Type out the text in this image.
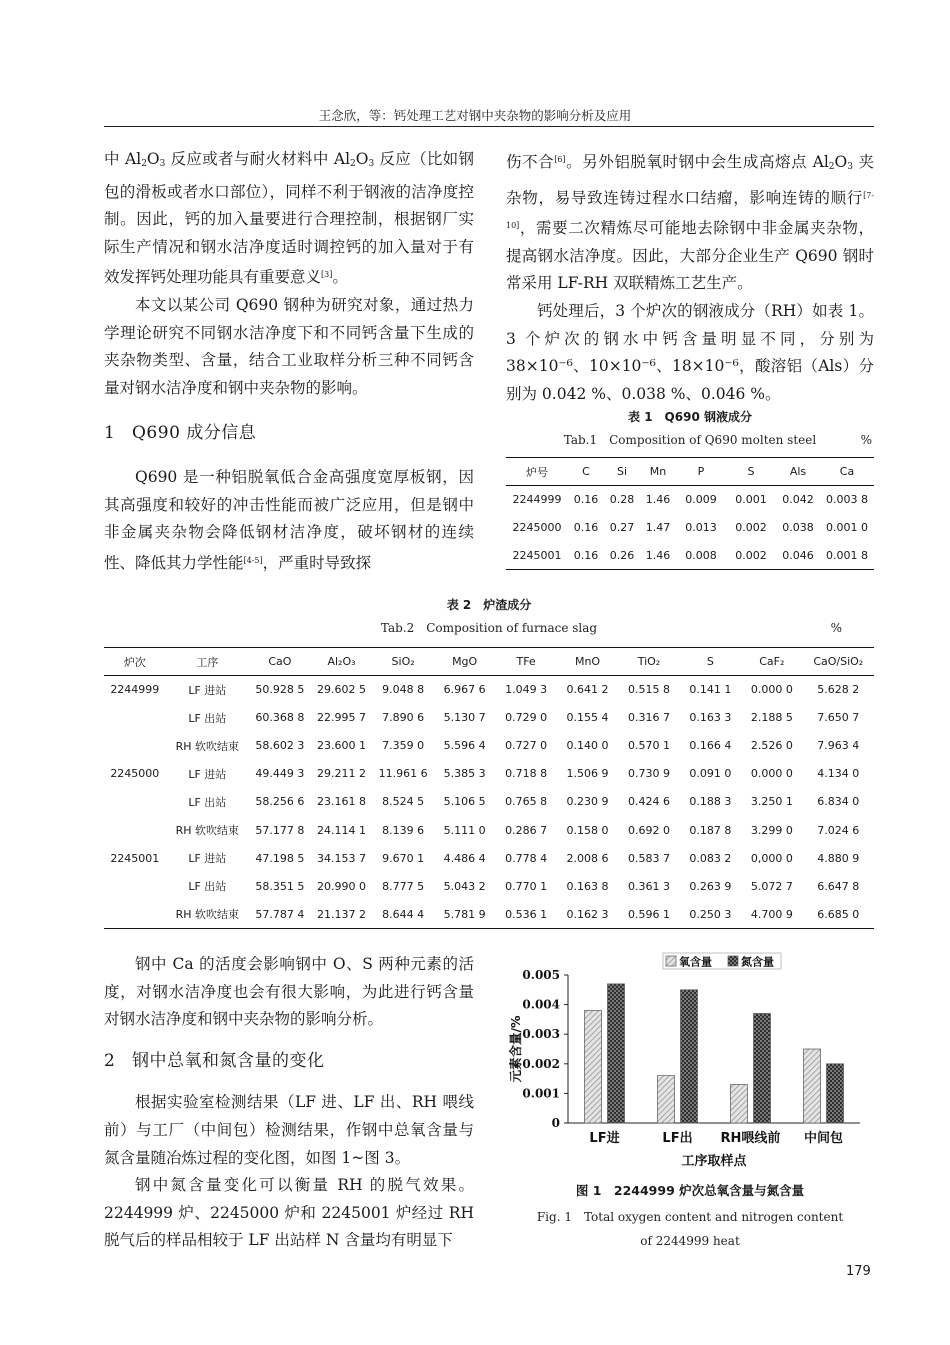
王念欣，等：钙处理工艺对钢中夹杂物的影响分析及应用

中 $Al_2O_3$ 反应或者与耐火材料中 $Al_2O_3$ 反应（比如钢包的滑板或者水口部位），同样不利于钢液的洁净度控制。因此，钙的加入量要进行合理控制，根据钢厂实际生产情况和钢水洁净度适时调控钙的加入量对于有效发挥钙处理功能具有重要意义[3]。

本文以某公司 Q690 钢种为研究对象，通过热力学理论研究不同钢水洁净度下和不同钙含量下生成的夹杂物类型、含量，结合工业取样分析三种不同钙含量对钢水洁净度和钢中夹杂物的影响。

1 Q690 成分信息

Q690 是一种铝脱氧低合金高强度宽厚板钢，因其高强度和较好的冲击性能而被广泛应用，但是钢中非金属夹杂物会降低钢材洁净度，破坏钢材的连续性、降低其力学性能[4-5]，严重时导致探

伤不合[6]。另外铝脱氧时钢中会生成高熔点 $Al_2O_3$ 夹杂物，易导致连铸过程水口结瘤，影响连铸的顺行[7-10]，需要二次精炼尽可能地去除钢中非金属夹杂物，提高钢水洁净度。因此，大部分企业生产 Q690 钢时常采用 LF-RH 双联精炼工艺生产。

钙处理后，3 个炉次的钢液成分（RH）如表 1。3 个炉次的钢水中钙含量明显不同，分别为 38×10⁻⁶、10×10⁻⁶、18×10⁻⁶，酸溶铝（Als）分别为 0.042 %、0.038 %、0.046 %。

表 1　Q690 钢液成分
Tab.1　Composition of Q690 molten steel	%
炉号	C	Si	Mn	P	S	Als	Ca
2244999	0.16	0.28	1.46	0.009	0.001	0.042	0.003 8
2245000	0.16	0.27	1.47	0.013	0.002	0.038	0.001 0
2245001	0.16	0.26	1.46	0.008	0.002	0.046	0.001 8
表 2　炉渣成分
Tab.2　Composition of furnace slag	%
炉次	工序	CaO	Al₂O₃	SiO₂	MgO	TFe	MnO	TiO₂	S	CaF₂	CaO/SiO₂
2244999	LF 进站	50.928 5	29.602 5	9.048 8	6.967 6	1.049 3	0.641 2	0.515 8	0.141 1	0.000 0	5.628 2
	LF 出站	60.368 8	22.995 7	7.890 6	5.130 7	0.729 0	0.155 4	0.316 7	0.163 3	2.188 5	7.650 7
	RH 软吹结束	58.602 3	23.600 1	7.359 0	5.596 4	0.727 0	0.140 0	0.570 1	0.166 4	2.526 0	7.963 4
2245000	LF 进站	49.449 3	29.211 2	11.961 6	5.385 3	0.718 8	1.506 9	0.730 9	0.091 0	0.000 0	4.134 0
	LF 出站	58.256 6	23.161 8	8.524 5	5.106 5	0.765 8	0.230 9	0.424 6	0.188 3	3.250 1	6.834 0
	RH 软吹结束	57.177 8	24.114 1	8.139 6	5.111 0	0.286 7	0.158 0	0.692 0	0.187 8	3.299 0	7.024 6
2245001	LF 进站	47.198 5	34.153 7	9.670 1	4.486 4	0.778 4	2.008 6	0.583 7	0.083 2	0,000 0	4.880 9
	LF 出站	58.351 5	20.990 0	8.777 5	5.043 2	0.770 1	0.163 8	0.361 3	0.263 9	5.072 7	6.647 8
	RH 软吹结束	57.787 4	21.137 2	8.644 4	5.781 9	0.536 1	0.162 3	0.596 1	0.250 3	4.700 9	6.685 0

钢中 Ca 的活度会影响钢中 O、S 两种元素的活度，对钢水洁净度也会有很大影响，为此进行钙含量对钢水洁净度和钢中夹杂物的影响分析。

2 钢中总氧和氮含量的变化

根据实验室检测结果（LF 进、LF 出、RH 喂线前）与工厂（中间包）检测结果，作钢中总氧含量与氮含量随冶炼过程的变化图，如图 1~图 3。

钢中氮含量变化可以衡量 RH 的脱气效果。2244999 炉、2245000 炉和 2245001 炉经过 RH 脱气后的样品相较于 LF 出站样 N 含量均有明显下

0
0.001
0.002
0.003
0.004
0.005
元素含量/%
LF进	LF出 RH喂线前 中间包
工序取样点
氧含量	氮含量
图 1　2244999 炉次总氧含量与氮含量
Fig. 1　Total oxygen content and nitrogen content
of 2244999 heat
179
